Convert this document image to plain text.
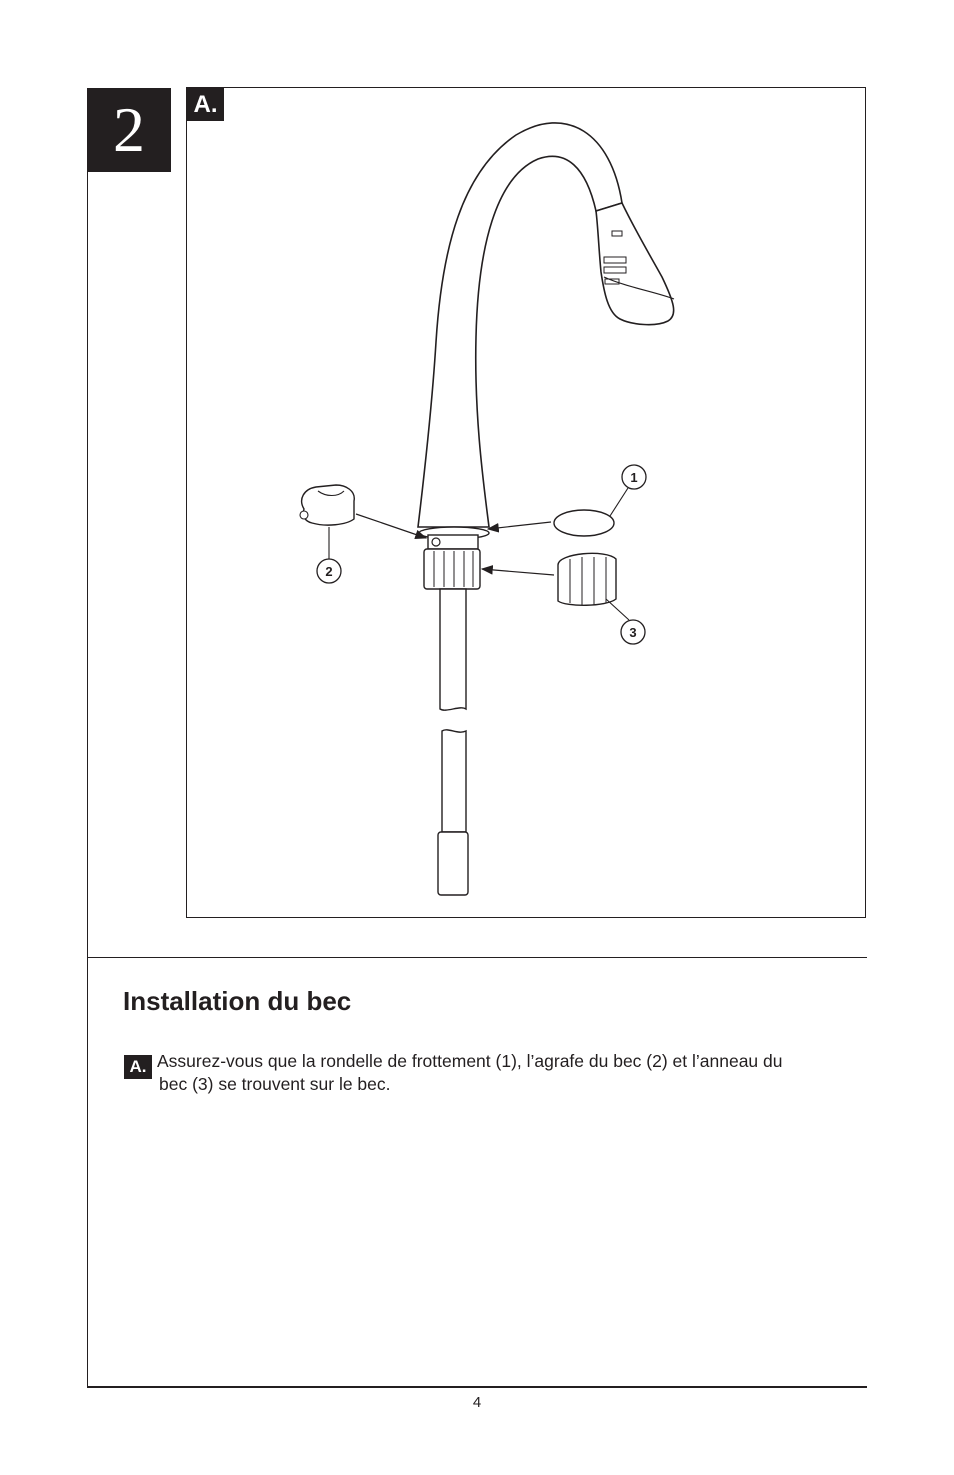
2
1
2
3
A.
Installation du bec
A. Assurez-vous que la rondelle de frottement (1), l’agrafe du bec (2) et l’anneau du
bec (3) se trouvent sur le bec.

4
